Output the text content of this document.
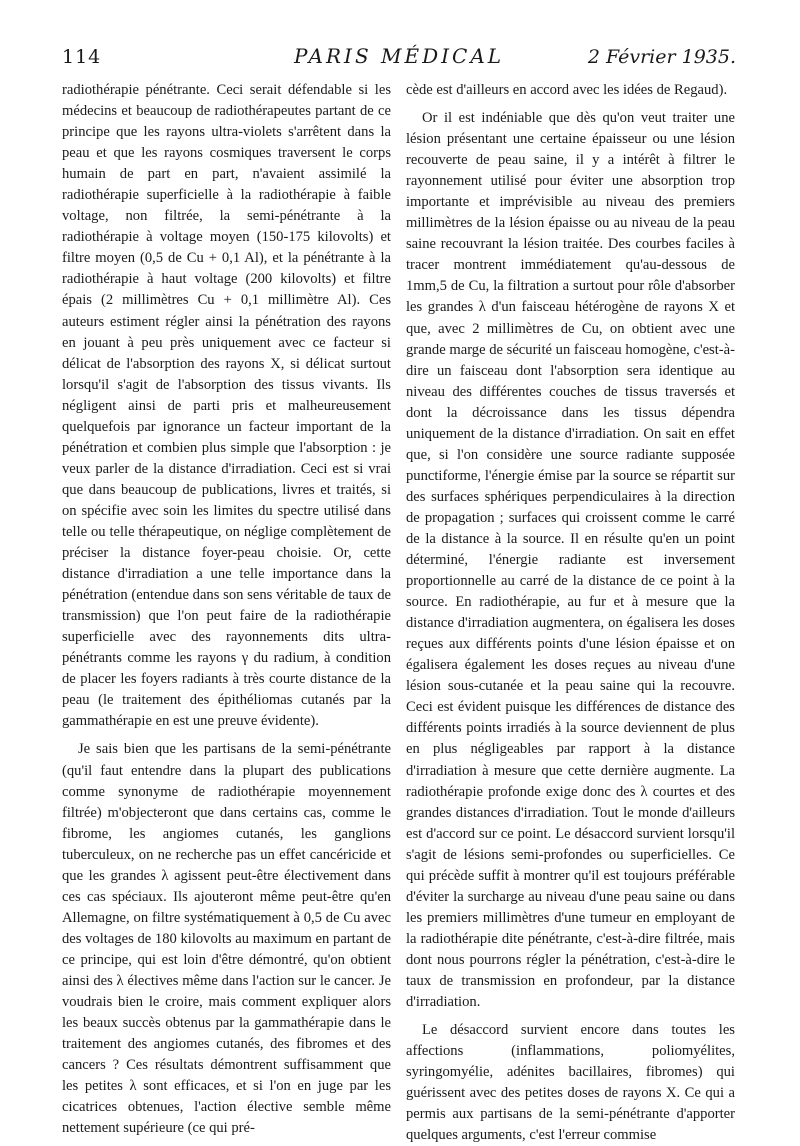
114	PARIS MÉDICAL	2 Février 1935.

radiothérapie pénétrante. Ceci serait défendable si les médecins et beaucoup de radiothérapeutes partant de ce principe que les rayons ultra-violets s'arrêtent dans la peau et que les rayons cosmiques traversent le corps humain de part en part, n'avaient assimilé la radiothérapie superficielle à la radiothérapie à faible voltage, non filtrée, la semi-pénétrante à la radiothérapie à voltage moyen (150-175 kilovolts) et filtre moyen (0,5 de Cu + 0,1 Al), et la pénétrante à la radiothérapie à haut voltage (200 kilovolts) et filtre épais (2 millimètres Cu + 0,1 millimètre Al). Ces auteurs estiment régler ainsi la pénétration des rayons en jouant à peu près uniquement avec ce facteur si délicat de l'absorption des rayons X, si délicat surtout lorsqu'il s'agit de l'absorption des tissus vivants. Ils négligent ainsi de parti pris et malheureusement quelquefois par ignorance un facteur important de la pénétration et combien plus simple que l'absorption : je veux parler de la distance d'irradiation. Ceci est si vrai que dans beaucoup de publications, livres et traités, si on spécifie avec soin les limites du spectre utilisé dans telle ou telle thérapeutique, on néglige complètement de préciser la distance foyer-peau choisie. Or, cette distance d'irradiation a une telle importance dans la pénétration (entendue dans son sens véritable de taux de transmission) que l'on peut faire de la radiothérapie superficielle avec des rayonnements dits ultra-pénétrants comme les rayons γ du radium, à condition de placer les foyers radiants à très courte distance de la peau (le traitement des épithéliomas cutanés par la gammathérapie en est une preuve évidente).

Je sais bien que les partisans de la semi-pénétrante (qu'il faut entendre dans la plupart des publications comme synonyme de radiothérapie moyennement filtrée) m'objecteront que dans certains cas, comme le fibrome, les angiomes cutanés, les ganglions tuberculeux, on ne recherche pas un effet cancéricide et que les grandes λ agissent peut-être électivement dans ces cas spéciaux. Ils ajouteront même peut-être qu'en Allemagne, on filtre systématiquement à 0,5 de Cu avec des voltages de 180 kilovolts au maximum en partant de ce principe, qui est loin d'être démontré, qu'on obtient ainsi des λ électives même dans l'action sur le cancer. Je voudrais bien le croire, mais comment expliquer alors les beaux succès obtenus par la gammathérapie dans le traitement des angiomes cutanés, des fibromes et des cancers ? Ces résultats démontrent suffisamment que les petites λ sont efficaces, et si l'on en juge par les cicatrices obtenues, l'action élective semble même nettement supérieure (ce qui pré-

cède est d'ailleurs en accord avec les idées de Regaud).

Or il est indéniable que dès qu'on veut traiter une lésion présentant une certaine épaisseur ou une lésion recouverte de peau saine, il y a intérêt à filtrer le rayonnement utilisé pour éviter une absorption trop importante et imprévisible au niveau des premiers millimètres de la lésion épaisse ou au niveau de la peau saine recouvrant la lésion traitée. Des courbes faciles à tracer montrent immédiatement qu'au-dessous de 1mm,5 de Cu, la filtration a surtout pour rôle d'absorber les grandes λ d'un faisceau hétérogène de rayons X et que, avec 2 millimètres de Cu, on obtient avec une grande marge de sécurité un faisceau homogène, c'est-à-dire un faisceau dont l'absorption sera identique au niveau des différentes couches de tissus traversés et dont la décroissance dans les tissus dépendra uniquement de la distance d'irradiation. On sait en effet que, si l'on considère une source radiante supposée punctiforme, l'énergie émise par la source se répartit sur des surfaces sphériques perpendiculaires à la direction de propagation ; surfaces qui croissent comme le carré de la distance à la source. Il en résulte qu'en un point déterminé, l'énergie radiante est inversement proportionnelle au carré de la distance de ce point à la source. En radiothérapie, au fur et à mesure que la distance d'irradiation augmentera, on égalisera les doses reçues aux différents points d'une lésion épaisse et on égalisera également les doses reçues au niveau d'une lésion sous-cutanée et la peau saine qui la recouvre. Ceci est évident puisque les différences de distance des différents points irradiés à la source deviennent de plus en plus négligeables par rapport à la distance d'irradiation à mesure que cette dernière augmente. La radiothérapie profonde exige donc des λ courtes et des grandes distances d'irradiation. Tout le monde d'ailleurs est d'accord sur ce point. Le désaccord survient lorsqu'il s'agit de lésions semi-profondes ou superficielles. Ce qui précède suffit à montrer qu'il est toujours préférable d'éviter la surcharge au niveau d'une peau saine ou dans les premiers millimètres d'une tumeur en employant de la radiothérapie dite pénétrante, c'est-à-dire filtrée, mais dont nous pourrons régler la pénétration, c'est-à-dire le taux de transmission en profondeur, par la distance d'irradiation.

Le désaccord survient encore dans toutes les affections (inflammations, poliomyélites, syringomyélie, adénites bacillaires, fibromes) qui guérissent avec des petites doses de rayons X. Ce qui a permis aux partisans de la semi-pénétrante d'apporter quelques arguments, c'est l'erreur commise
